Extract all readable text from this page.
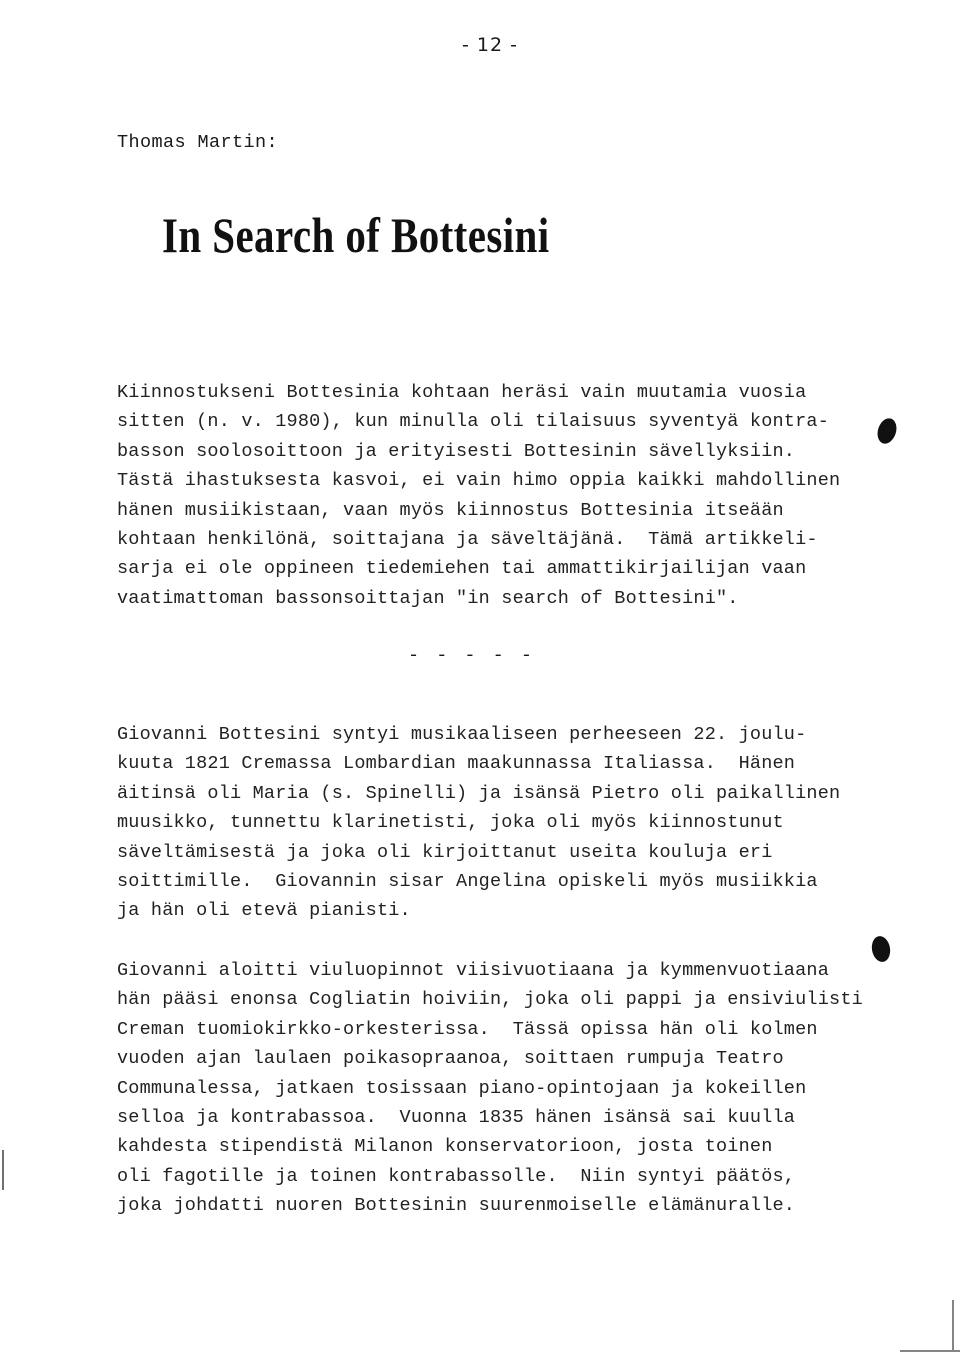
- 12 -
Thomas Martin:
In Search of Bottesini
Kiinnostukseni Bottesinia kohtaan heräsi vain muutamia vuosia
sitten (n. v. 1980), kun minulla oli tilaisuus syventyä kontra-
basson soolosoittoon ja erityisesti Bottesinin sävellyksiin.
Tästä ihastuksesta kasvoi, ei vain himo oppia kaikki mahdollinen
hänen musiikistaan, vaan myös kiinnostus Bottesinia itseään
kohtaan henkilönä, soittajana ja säveltäjänä.  Tämä artikkeli-
sarja ei ole oppineen tiedemiehen tai ammattikirjailijan vaan
vaatimattoman bassonsoittajan "in search of Bottesini".
- - - - -
Giovanni Bottesini syntyi musikaaliseen perheeseen 22. joulu-
kuuta 1821 Cremassa Lombardian maakunnassa Italiassa.  Hänen
äitinsä oli Maria (s. Spinelli) ja isänsä Pietro oli paikallinen
muusikko, tunnettu klarinetisti, joka oli myös kiinnostunut
säveltämisestä ja joka oli kirjoittanut useita kouluja eri
soittimille.  Giovannin sisar Angelina opiskeli myös musiikkia
ja hän oli etevä pianisti.
Giovanni aloitti viuluopinnot viisivuotiaana ja kymmenvuotiaana
hän pääsi enonsa Cogliatin hoiviin, joka oli pappi ja ensiviulisti
Creman tuomiokirkko-orkesterissa.  Tässä opissa hän oli kolmen
vuoden ajan laulaen poikasopraanoa, soittaen rumpuja Teatro
Communalessa, jatkaen tosissaan piano-opintojaan ja kokeillen
selloa ja kontrabassoa.  Vuonna 1835 hänen isänsä sai kuulla
kahdesta stipendistä Milanon konservatorioon, josta toinen
oli fagotille ja toinen kontrabassolle.  Niin syntyi päätös,
joka johdatti nuoren Bottesinin suurenmoiselle elämänuralle.
